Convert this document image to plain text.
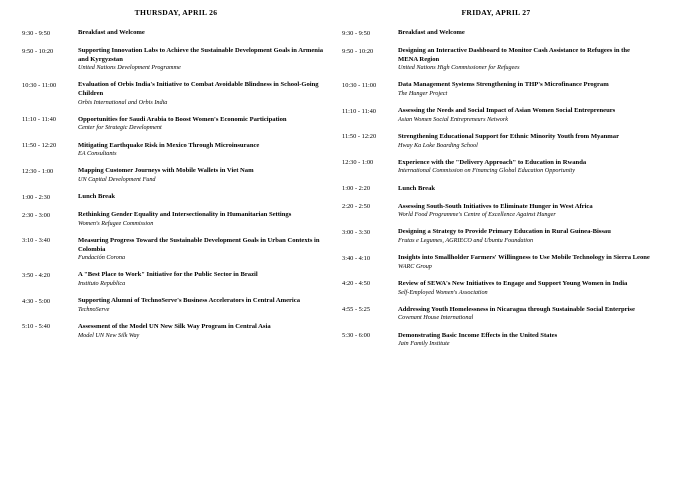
THURSDAY, APRIL 26
9:30 - 9:50	Breakfast and Welcome

9:50 - 10:20	Supporting Innovation Labs to Achieve the Sustainable Development Goals in Armenia and Kyrgyzstan

United Nations Development Programme

10:30 - 11:00	Evaluation of Orbis India's Initiative to Combat Avoidable Blindness in School-Going Children

Orbis International and Orbis India

11:10 - 11:40	Opportunities for Saudi Arabia to Boost Women's Economic Participation

Center for Strategic Development

11:50 - 12:20	Mitigating Earthquake Risk in Mexico Through Microinsurance

EA Consultants

12:30 - 1:00	Mapping Customer Journeys with Mobile Wallets in Viet Nam

UN Capital Development Fund

1:00 - 2:30	Lunch Break

2:30 - 3:00	Rethinking Gender Equality and Intersectionality in Humanitarian Settings

Women's Refugee Commission

3:10 - 3:40	Measuring Progress Toward the Sustainable Development Goals in Urban Contexts in Colombia

Fundación Corona

3:50 - 4:20	A "Best Place to Work" Initiative for the Public Sector in Brazil

Instituto Republica

4:30 - 5:00	Supporting Alumni of TechnoServe's Business Accelerators in Central America

TechnoServe

5:10 - 5:40	Assessment of the Model UN New Silk Way Program in Central Asia

Model UN New Silk Way

FRIDAY, APRIL 27
9:30 - 9:50	Breakfast and Welcome

9:50 - 10:20	Designing an Interactive Dashboard to Monitor Cash Assistance to Refugees in the MENA Region

United Nations High Commissioner for Refugees

10:30 - 11:00	Data Management Systems Strengthening in THP's Microfinance Program

The Hunger Project

11:10 - 11:40	Assessing the Needs and Social Impact of Asian Women Social Entrepreneurs

Asian Women Social Entrepreneurs Network

11:50 - 12:20	Strengthening Educational Support for Ethnic Minority Youth from Myanmar

Hway Ka Loke Boarding School

12:30 - 1:00	Experience with the "Delivery Approach" to Education in Rwanda

International Commission on Financing Global Education Opportunity

1:00 - 2:20	Lunch Break

2:20 - 2:50	Assessing South-South Initiatives to Eliminate Hunger in West Africa

World Food Programme's Centre of Excellence Against Hunger

3:00 - 3:30	Designing a Strategy to Provide Primary Education in Rural Guinea-Bissau

Frutas e Legumes, AGRIECO and Ubuntu Foundation

3:40 - 4:10	Insights into Smallholder Farmers' Willingness to Use Mobile Technology in Sierra Leone

WARC Group

4:20 - 4:50	Review of SEWA's New Initiatives to Engage and Support Young Women in India

Self-Employed Women's Association

4:55 - 5:25	Addressing Youth Homelessness in Nicaragua through Sustainable Social Enterprise

Covenant House International

5:30 - 6:00	Demonstrating Basic Income Effects in the United States

Jain Family Institute
